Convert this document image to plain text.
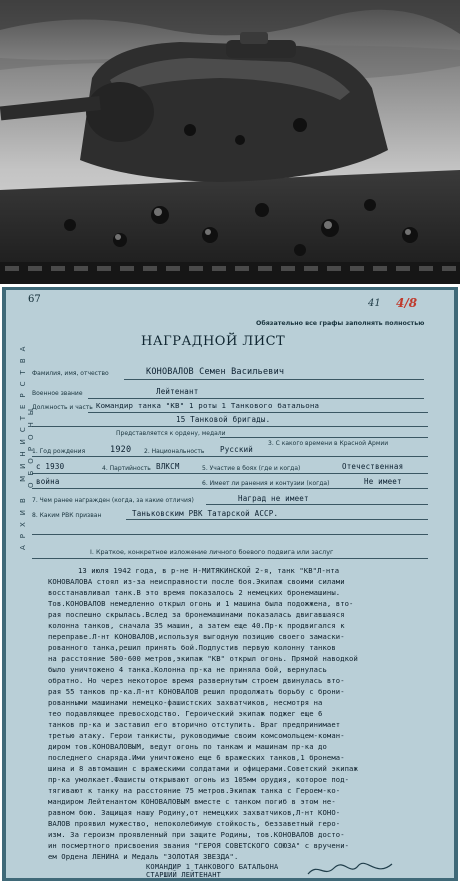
67	41 4/8
Обязательно все графы заполнять полностью
НАГРАДНОЙ ЛИСТ
Фамилия, имя, отчество	КОНОВАЛОВ Семен Васильевич
Военное звание	Лейтенант
Должность и часть Командир танка "КВ" 1 роты 1 Танкового батальона
15 Танковой бригады.
Представляется к ордену, медали
1. Год рождения	1920 2. Национальность Русский
3. С какого времени в Красной Армии
с 1930	4. Партийность ВЛКСМ	5. Участие в боях (где и когда)	Отечественная
война	6. Имеет ли ранения и контузии (когда)	Не имеет
7. Чем ранее награжден (когда, за какие отличия)	Наград не имеет
8. Каким РВК призван	Таньковским РВК Татарской АССР.
I. Краткое, конкретное изложение личного боевого подвига или заслуг
АРХИВ МИНИСТЕРСТВА ОБОРОНЫ
13 июля 1942 года, в р-не Н-МИТЯКИНСКОЙ 2-я, танк "КВ"Л-нта
КОНОВАЛОВА стоял из-за неисправности после боя.Экипаж своими силами
восстанавливал танк.В это время показалось 2 немецких бронемашины.
Тов.КОНОВАЛОВ немедленно открыл огонь и 1 машина была подожжена, вто-
рая поспешно скрылась.Вслед за бронемашинами показалась двигавшаяся
колонна танков, сначала 35 машин, а затем еще 40.Пр-к продвигался к
переправе.Л-нт КОНОВАЛОВ,используя выгодную позицию своего замаски-
рованного танка,решил принять бой.Подпустив первую колонну танков
на расстояние 500-600 метров,экипаж "КВ" открыл огонь. Прямой наводкой
было уничтожено 4 танка.Колонна пр-ка не приняла бой, вернулась
обратно. Но через некоторое время развернутым строем двинулась вто-
рая 55 танков пр-ка.Л-нт КОНОВАЛОВ решил продолжать борьбу с брони-
рованными машинами немецко-фашистских захватчиков, несмотря на
тео подавляющее превосходство. Героический экипаж поджег еще 6
танков пр-ка и заставил его вторично отступить. Враг предпринимает
третью атаку. Герои танкисты, руководимые своим комсомольцем-коман-
диром тов.КОНОВАЛОВЫМ, ведут огонь по танкам и машинам пр-ка до
последнего снаряда.Ими уничтожено еще 6 вражеских танков,1 бронема-
шина и 8 автомашин с вражескими солдатами и офицерами.Советский экипаж
пр-ка умолкает.Фашисты открывают огонь из 105мм орудия, которое под-
тягивают к танку на расстояние 75 метров.Экипаж танка с Героем-ко-
мандиром Лейтенантом КОНОВАЛОВЫМ вместе с танком погиб в этом не-
равном бою. Защищая нашу Родину,от немецких захватчиков,Л-нт КОНО-
ВАЛОВ проявил мужество, непоколебимую стойкость, беззаветный геро-
изм. За героизм проявленный при защите Родины, тов.КОНОВАЛОВ досто-
ин посмертного присвоения звания "ГЕРОЯ СОВЕТСКОГО СОЮЗА" с вручени-
ем Ордена ЛЕНИНА и Медаль "ЗОЛОТАЯ ЗВЕЗДА".
КОМАНДИР 1 ТАНКОВОГО БАТАЛЬОНА
СТАРШИЙ ЛЕЙТЕНАНТ
